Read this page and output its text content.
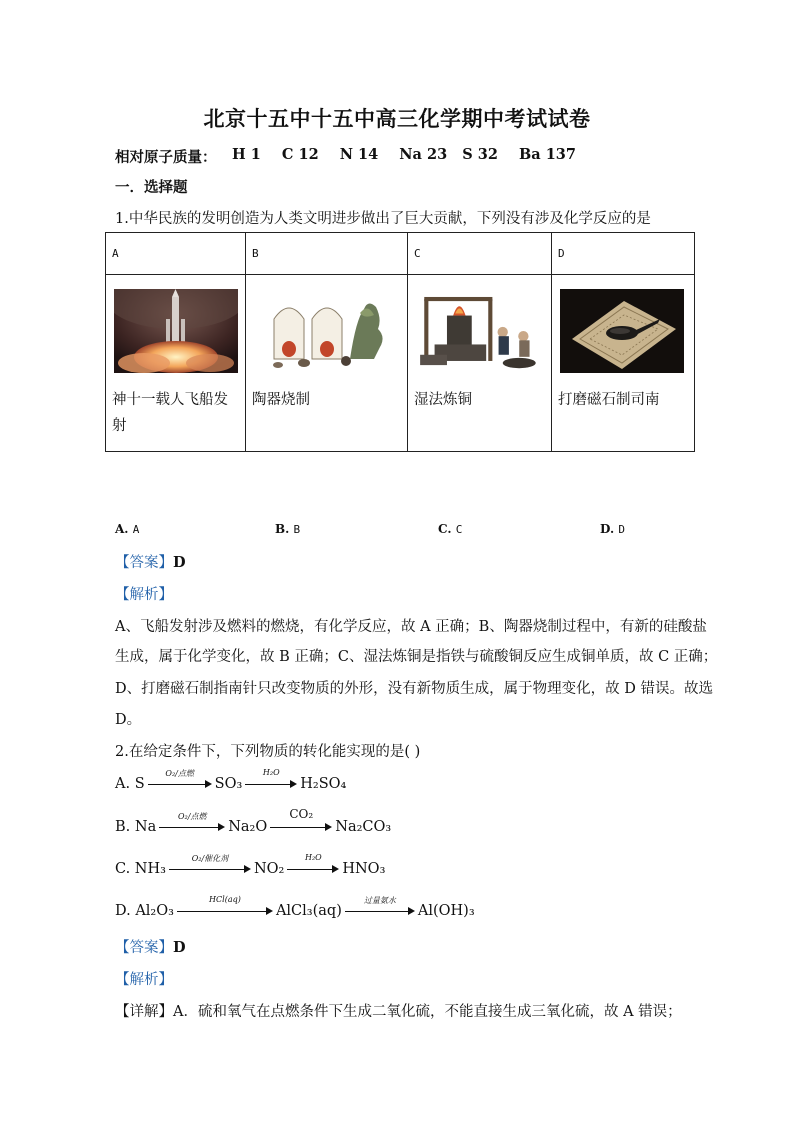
北京十五中十五中高三化学期中考试试卷
相对原子质量： H 1 C 12 N 14 Na 23 S 32 Ba 137
一．选择题
1.中华民族的发明创造为人类文明进步做出了巨大贡献，下列没有涉及化学反应的是
A	B	C	D

神十一载人飞船发射	陶器烧制	湿法炼铜	打磨磁石制司南
A. A	B. B	C. C	D. D
【答案】D
【解析】
A、飞船发射涉及燃料的燃烧，有化学反应，故 A 正确；B、陶器烧制过程中，有新的硅酸盐
生成，属于化学变化，故 B 正确；C、湿法炼铜是指铁与硫酸铜反应生成铜单质，故 C 正确；
D、打磨磁石制指南针只改变物质的外形，没有新物质生成，属于物理变化，故 D 错误。故选
D。
2.在给定条件下，下列物质的转化能实现的是( )
A.
S
O₂/点燃
SO₃
H₂O
H₂SO₄
B.
Na
O₂/点燃
Na₂O
CO₂
Na₂CO₃
C.
NH₃
O₂/催化剂
NO₂
H₂O
HNO₃
D.
Al₂O₃
HCl(aq)
AlCl₃(aq)
过量氨水
Al(OH)₃
【答案】D
【解析】
【详解】A．硫和氧气在点燃条件下生成二氧化硫，不能直接生成三氧化硫，故 A 错误；
